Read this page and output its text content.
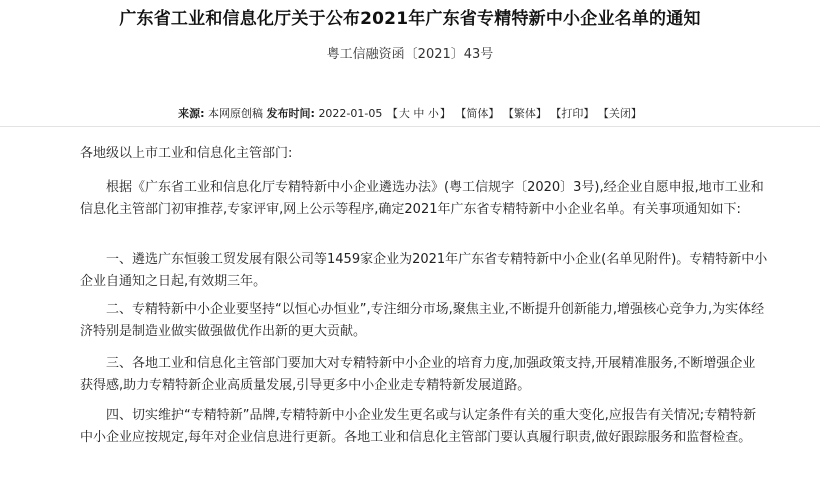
广东省工业和信息化厅关于公布2021年广东省专精特新中小企业名单的通知
粤工信融资函〔2021〕43号
来源: 本网原创稿 发布时间: 2022-01-05 【大 中 小】 【简体】 【繁体】 【打印】 【关闭】
各地级以上市工业和信息化主管部门:
根据《广东省工业和信息化厅专精特新中小企业遴选办法》(粤工信规字〔2020〕3号),经企业自愿申报,地市工业和信息化主管部门初审推荐,专家评审,网上公示等程序,确定2021年广东省专精特新中小企业名单。有关事项通知如下:
一、遴选广东恒骏工贸发展有限公司等1459家企业为2021年广东省专精特新中小企业(名单见附件)。专精特新中小企业自通知之日起,有效期三年。
二、专精特新中小企业要坚持“以恒心办恒业”,专注细分市场,聚焦主业,不断提升创新能力,增强核心竞争力,为实体经济特别是制造业做实做强做优作出新的更大贡献。
三、各地工业和信息化主管部门要加大对专精特新中小企业的培育力度,加强政策支持,开展精准服务,不断增强企业获得感,助力专精特新企业高质量发展,引导更多中小企业走专精特新发展道路。
四、切实维护“专精特新”品牌,专精特新中小企业发生更名或与认定条件有关的重大变化,应报告有关情况;专精特新中小企业应按规定,每年对企业信息进行更新。各地工业和信息化主管部门要认真履行职责,做好跟踪服务和监督检查。
